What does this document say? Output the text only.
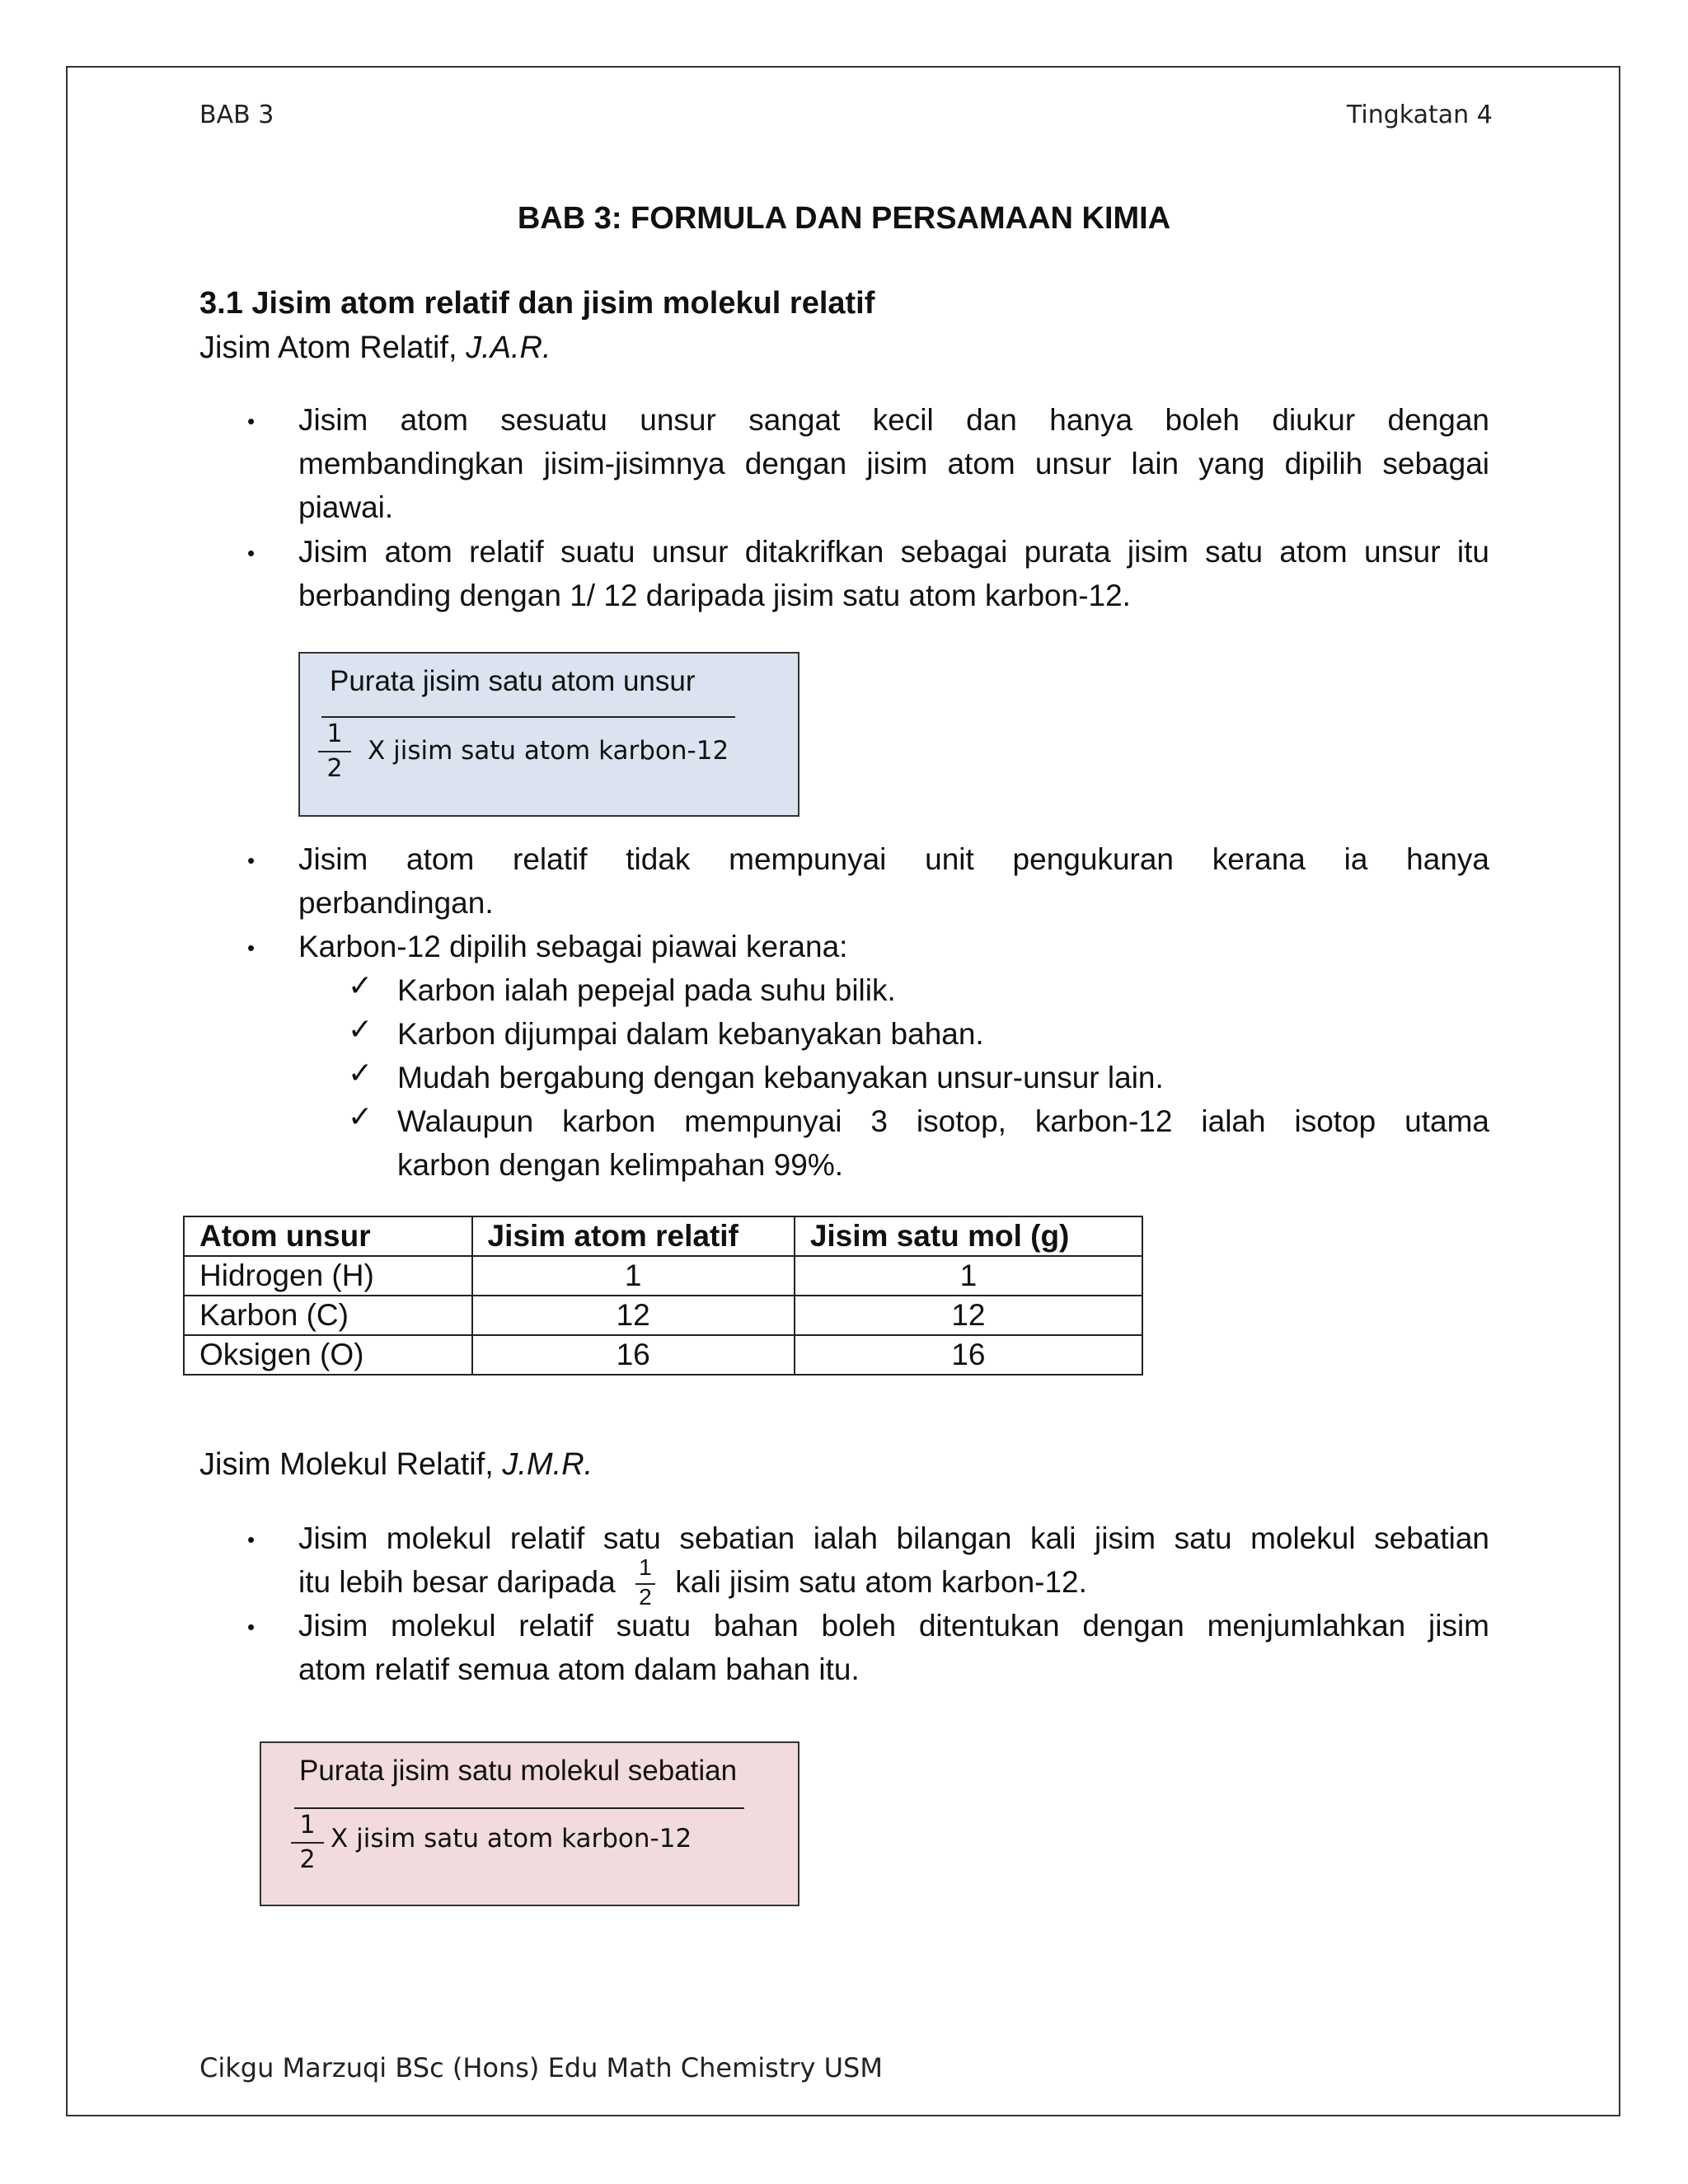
BAB 3	Tingkatan 4
BAB 3: FORMULA DAN PERSAMAAN KIMIA
3.1 Jisim atom relatif dan jisim molekul relatif
Jisim Atom Relatif, J.A.R.
• Jisim atom sesuatu unsur sangat kecil dan hanya boleh diukur dengan
membandingkan jisim-jisimnya dengan jisim atom unsur lain yang dipilih sebagai
piawai.
• Jisim atom relatif suatu unsur ditakrifkan sebagai purata jisim satu atom unsur itu
berbanding dengan 1/ 12 daripada jisim satu atom karbon-12.
Purata jisim satu atom unsur
1
2
X jisim satu atom karbon-12
• Jisim atom relatif tidak mempunyai unit pengukuran kerana ia hanya
perbandingan.
• Karbon-12 dipilih sebagai piawai kerana:
✓ Karbon ialah pepejal pada suhu bilik.
✓ Karbon dijumpai dalam kebanyakan bahan.
✓ Mudah bergabung dengan kebanyakan unsur-unsur lain.
✓ Walaupun karbon mempunyai 3 isotop, karbon-12 ialah isotop utama
karbon dengan kelimpahan 99%.
Atom unsur	Jisim atom relatif	Jisim satu mol (g)
Hidrogen (H)	1	1
Karbon (C)	12	12
Oksigen (O)	16	16
Jisim Molekul Relatif, J.M.R.
• Jisim molekul relatif satu sebatian ialah bilangan kali jisim satu molekul sebatian
itu lebih besar daripada $\frac{1}{2}$ kali jisim satu atom karbon-12.
• Jisim molekul relatif suatu bahan boleh ditentukan dengan menjumlahkan jisim
atom relatif semua atom dalam bahan itu.
Purata jisim satu molekul sebatian
1
2
X jisim satu atom karbon-12
Cikgu Marzuqi BSc (Hons) Edu Math Chemistry USM
